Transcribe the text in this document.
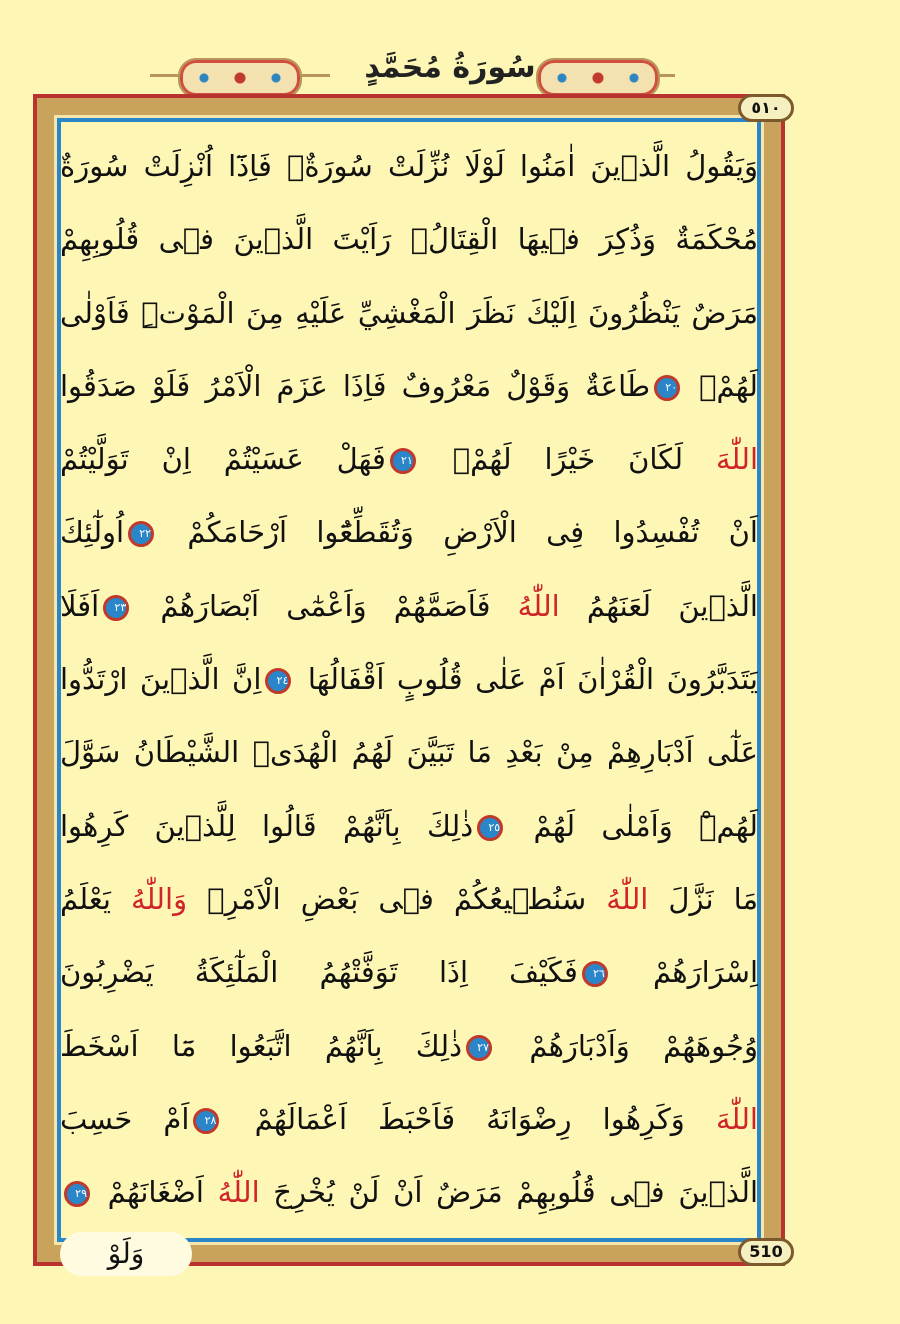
سُورَةُ مُحَمَّدٍ
٥١٠
وَيَقُولُ الَّذٖينَ اٰمَنُوا لَوْلَا نُزِّلَتْ سُورَةٌۚ فَاِذَٓا اُنْزِلَتْ سُورَةٌ
مُحْكَمَةٌ وَذُكِرَ فٖيهَا الْقِتَالُۙ رَاَيْتَ الَّذٖينَ فٖى قُلُوبِهِمْ
مَرَضٌ يَنْظُرُونَ اِلَيْكَ نَظَرَ الْمَغْشِيِّ عَلَيْهِ مِنَ الْمَوْتِۜ فَاَوْلٰى
لَهُمْۚ ٢٠طَاعَةٌ وَقَوْلٌ مَعْرُوفٌ فَاِذَا عَزَمَ الْاَمْرُ فَلَوْ صَدَقُوا
اللّٰهَ لَكَانَ خَيْرًا لَهُمْۚ ٢١فَهَلْ عَسَيْتُمْ اِنْ تَوَلَّيْتُمْ
اَنْ تُفْسِدُوا فِى الْاَرْضِ وَتُقَطِّعُٓوا اَرْحَامَكُمْ ٢٢اُولٰٓئِكَ
الَّذٖينَ لَعَنَهُمُ اللّٰهُ فَاَصَمَّهُمْ وَاَعْمٰٓى اَبْصَارَهُمْ ٢٣اَفَلَا
يَتَدَبَّرُونَ الْقُرْاٰنَ اَمْ عَلٰى قُلُوبٍ اَقْفَالُهَا ٢٤اِنَّ الَّذٖينَ ارْتَدُّوا
عَلٰٓى اَدْبَارِهِمْ مِنْ بَعْدِ مَا تَبَيَّنَ لَهُمُ الْهُدَىۙ الشَّيْطَانُ سَوَّلَ
لَهُمْۜ وَاَمْلٰى لَهُمْ ٢٥ذٰلِكَ بِاَنَّهُمْ قَالُوا لِلَّذٖينَ كَرِهُوا
مَا نَزَّلَ اللّٰهُ سَنُطٖيعُكُمْ فٖى بَعْضِ الْاَمْرِۚ وَاللّٰهُ يَعْلَمُ
اِسْرَارَهُمْ ٢٦فَكَيْفَ اِذَا تَوَفَّتْهُمُ الْمَلٰٓئِكَةُ يَضْرِبُونَ
وُجُوهَهُمْ وَاَدْبَارَهُمْ ٢٧ذٰلِكَ بِاَنَّهُمُ اتَّبَعُوا مَٓا اَسْخَطَ
اللّٰهَ وَكَرِهُوا رِضْوَانَهُ فَاَحْبَطَ اَعْمَالَهُمْ ٢٨اَمْ حَسِبَ
الَّذٖينَ فٖى قُلُوبِهِمْ مَرَضٌ اَنْ لَنْ يُخْرِجَ اللّٰهُ اَضْغَانَهُمْ ٢٩
510
وَلَوْ
